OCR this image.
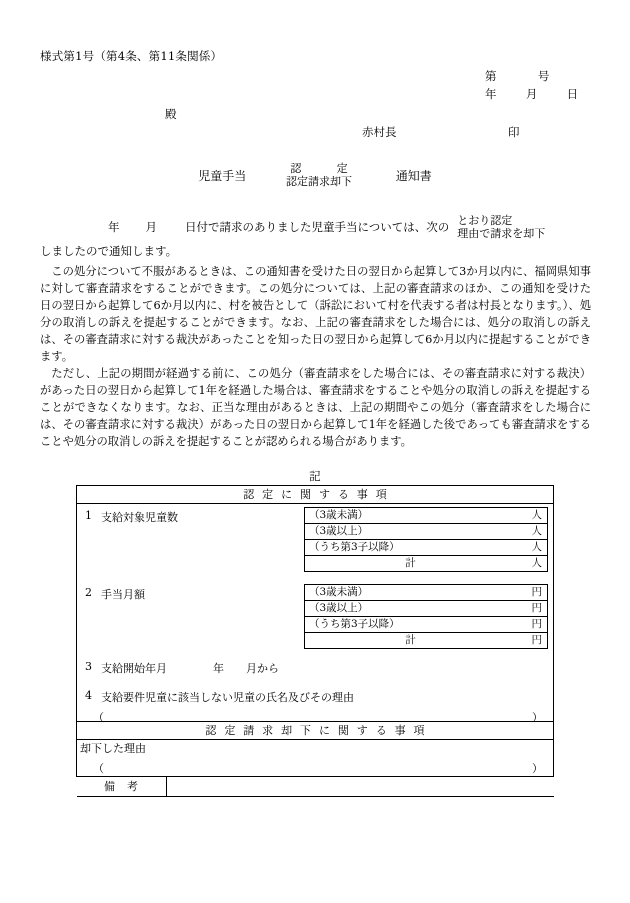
様式第1号（第4条、第11条関係）
第	号
年	月	日
殿
赤村長	印
児童手当
認定
認定請求却下	通知書
年 月 日付で請求のありました児童手当については、次の とおり認定
理由で請求を却下
しましたので通知します。

この処分について不服があるときは、この通知書を受けた日の翌日から起算して3か月以内に、福岡県知事に対して審査請求をすることができます。この処分については、上記の審査請求のほか、この通知を受けた日の翌日から起算して6か月以内に、村を被告として（訴訟において村を代表する者は村長となります。）、処分の取消しの訴えを提起することができます。なお、上記の審査請求をした場合には、処分の取消しの訴えは、その審査請求に対する裁決があったことを知った日の翌日から起算して6か月以内に提起することができます。

ただし、上記の期間が経過する前に、この処分（審査請求をした場合には、その審査請求に対する裁決）があった日の翌日から起算して1年を経過した場合は、審査請求をすることや処分の取消しの訴えを提起することができなくなります。なお、正当な理由があるときは、上記の期間やこの処分（審査請求をした場合には、その審査請求に対する裁決）があった日の翌日から起算して1年を経過した後であっても審査請求をすることや処分の取消しの訴えを提起することが認められる場合があります。

記
認定に関する事項

1 支給対象児童数	（3歳未満）	人
（3歳以上）	人
（うち第3子以降）	人
計	人
2 手当月額	（3歳未満）	円
（3歳以上）	円
（うち第3子以降）	円
計	円
3 支給開始年月	年 月から
4 支給要件児童に該当しない児童の氏名及びその理由
（	）

認定請求却下に関する事項

却下した理由
（	）

備考	
